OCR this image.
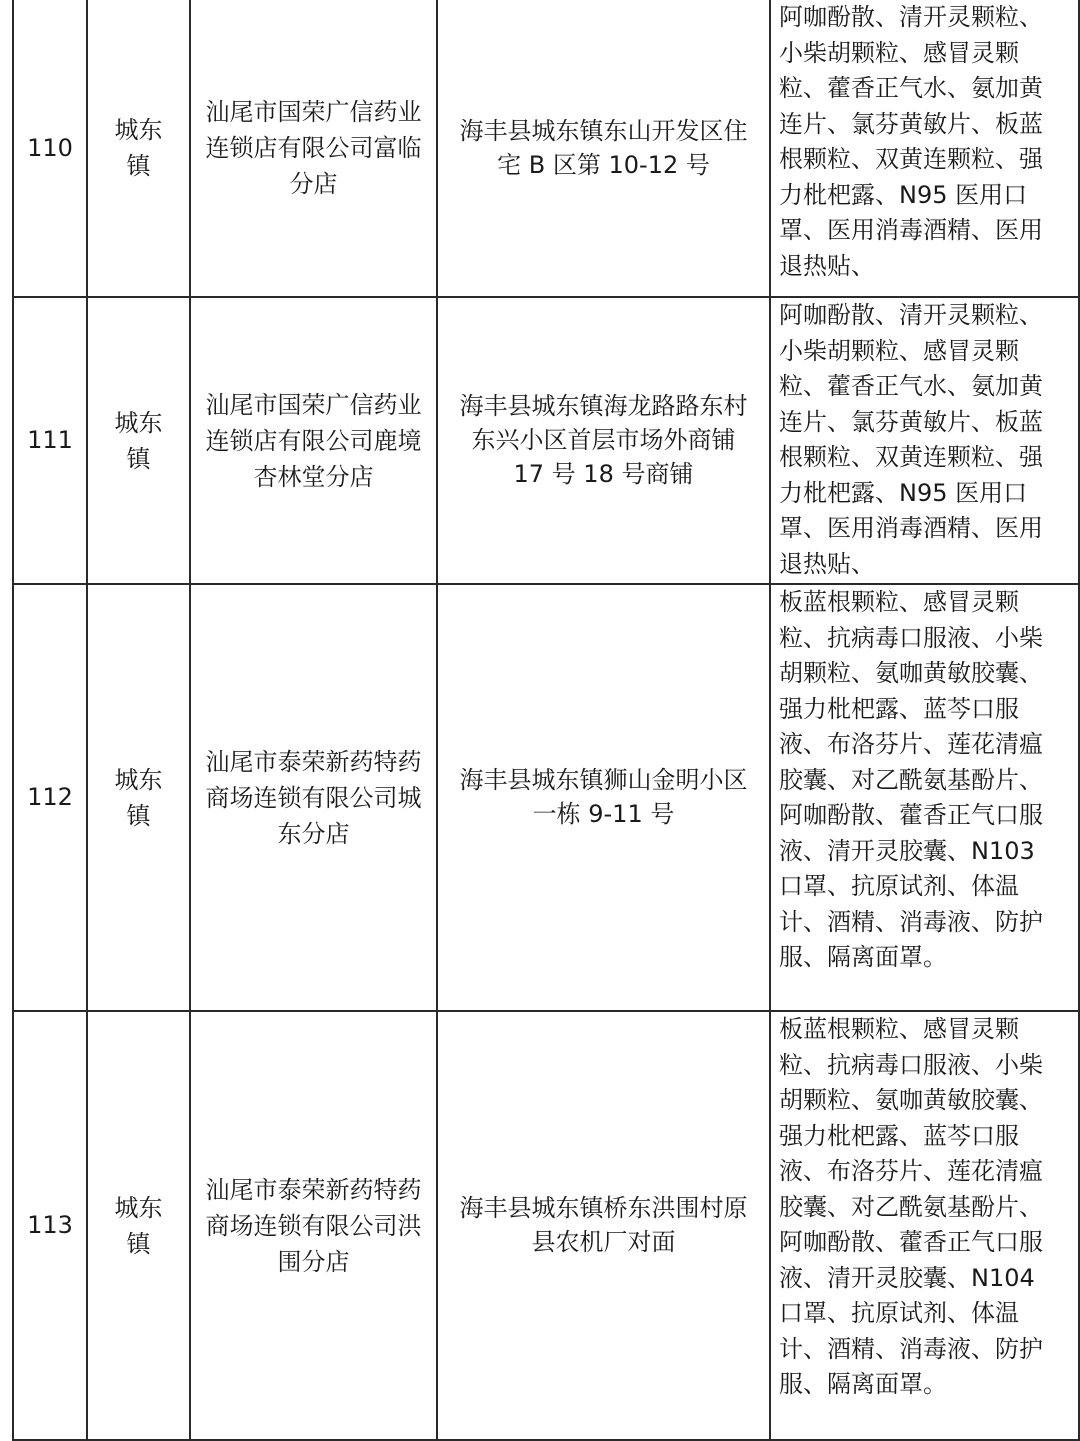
110	城东镇	汕尾市国荣广信药业连锁店有限公司富临分店	海丰县城东镇东山开发区住宅 B 区第 10-12 号	阿咖酚散、清开灵颗粒、小柴胡颗粒、感冒灵颗粒、藿香正气水、氨加黄连片、氯芬黄敏片、板蓝根颗粒、双黄连颗粒、强力枇杷露、N95 医用口罩、医用消毒酒精、医用退热贴、

111	城东镇	汕尾市国荣广信药业连锁店有限公司鹿境杏林堂分店	海丰县城东镇海龙路路东村东兴小区首层市场外商铺 17 号 18 号商铺	阿咖酚散、清开灵颗粒、小柴胡颗粒、感冒灵颗粒、藿香正气水、氨加黄连片、氯芬黄敏片、板蓝根颗粒、双黄连颗粒、强力枇杷露、N95 医用口罩、医用消毒酒精、医用退热贴、

112	城东镇	汕尾市泰荣新药特药商场连锁有限公司城东分店	海丰县城东镇狮山金明小区一栋 9-11 号	板蓝根颗粒、感冒灵颗粒、抗病毒口服液、小柴胡颗粒、氨咖黄敏胶囊、强力枇杷露、蓝芩口服液、布洛芬片、莲花清瘟胶囊、对乙酰氨基酚片、阿咖酚散、藿香正气口服液、清开灵胶囊、N103 口罩、抗原试剂、体温计、酒精、消毒液、防护服、隔离面罩。

113	城东镇	汕尾市泰荣新药特药商场连锁有限公司洪围分店	海丰县城东镇桥东洪围村原县农机厂对面	板蓝根颗粒、感冒灵颗粒、抗病毒口服液、小柴胡颗粒、氨咖黄敏胶囊、强力枇杷露、蓝芩口服液、布洛芬片、莲花清瘟胶囊、对乙酰氨基酚片、阿咖酚散、藿香正气口服液、清开灵胶囊、N104 口罩、抗原试剂、体温计、酒精、消毒液、防护服、隔离面罩。
